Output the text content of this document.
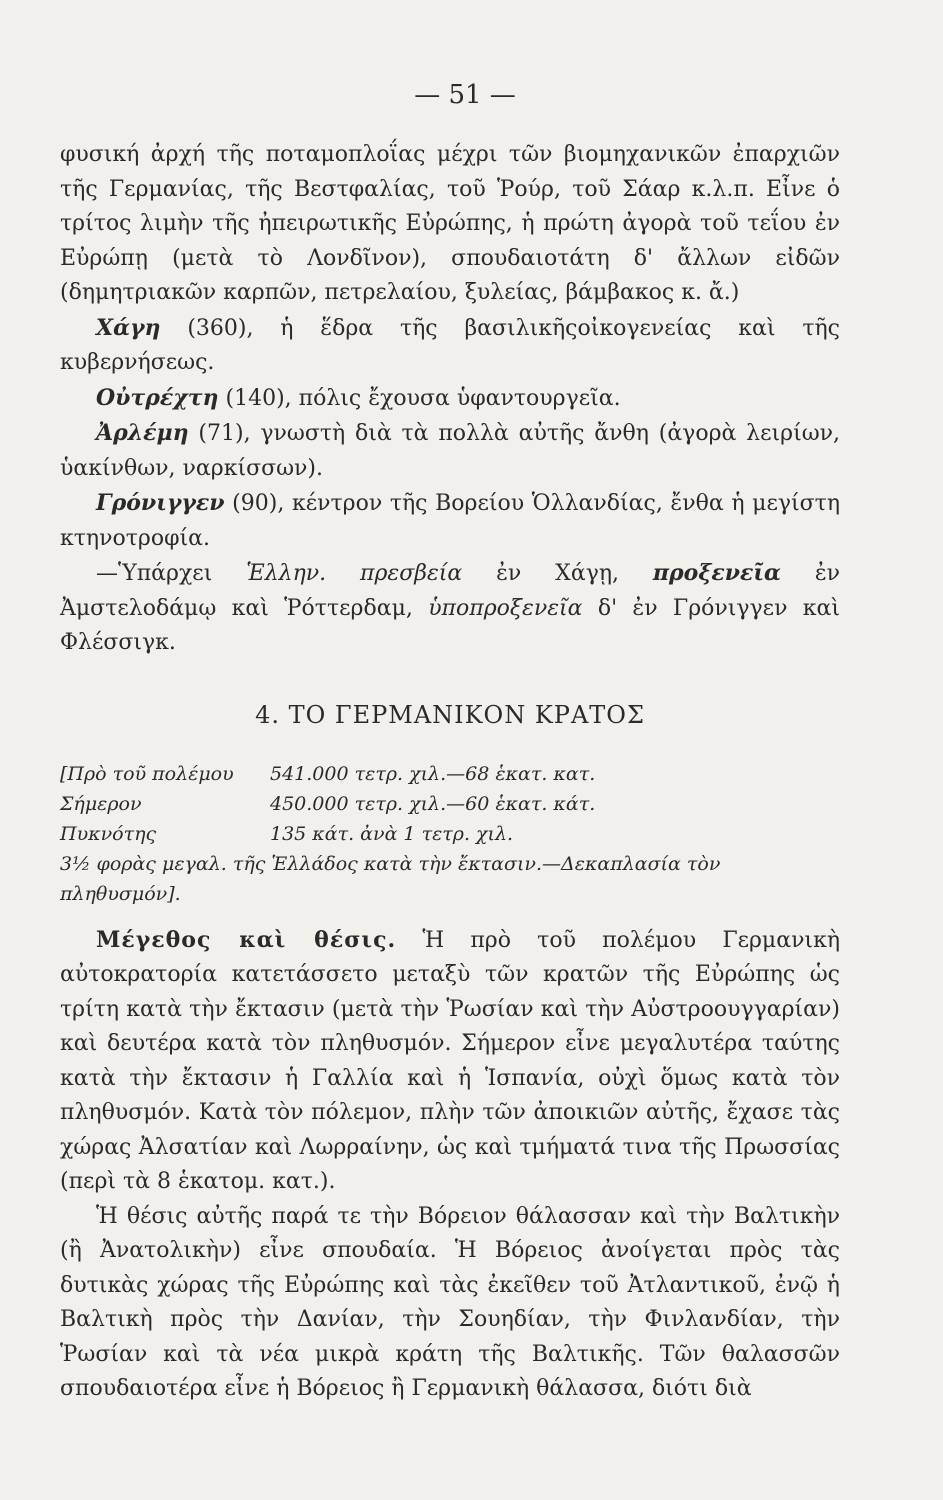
— 51 —

φυσική ἀρχή τῆς ποταμοπλοΐας μέχρι τῶν βιομηχανικῶν ἐπαρχιῶν τῆς Γερμανίας, τῆς Βεστφαλίας, τοῦ Ῥούρ, τοῦ Σάαρ κ.λ.π. Εἶνε ὁ τρίτος λιμὴν τῆς ἠπειρωτικῆς Εὐρώπης, ἡ πρώτη ἀγορὰ τοῦ τεΐου ἐν Εὐρώπῃ (μετὰ τὸ Λονδῖνον), σπουδαιοτάτη δ' ἄλλων εἰδῶν (δημητριακῶν καρπῶν, πετρελαίου, ξυλείας, βάμβακος κ. ἄ.)

Χάγη (360), ἡ ἕδρα τῆς βασιλικῆςοἰκογενείας καὶ τῆς κυβερνήσεως.

Οὐτρέχτη (140), πόλις ἔχουσα ὑφαντουργεῖα.

Ἀρλέμη (71), γνωστὴ διὰ τὰ πολλὰ αὐτῆς ἄνθη (ἀγορὰ λειρίων, ὑακίνθων, ναρκίσσων).

Γρόνιγγεν (90), κέντρον τῆς Βορείου Ὁλλανδίας, ἔνθα ἡ μεγίστη κτηνοτροφία.

—Ὑπάρχει Ἑλλην. πρεσβεία ἐν Χάγῃ, προξενεῖα ἐν Ἀμστελοδάμῳ καὶ Ῥόττερδαμ, ὑποπροξενεῖα δ' ἐν Γρόνιγγεν καὶ Φλέσσιγκ.

4. ΤΟ ΓΕΡΜΑΝΙΚΟΝ ΚΡΑΤΟΣ
[Πρὸ τοῦ πολέμου	541.000 τετρ. χιλ.—68 ἑκατ. κατ.
Σήμερον	450.000 τετρ. χιλ.—60 ἑκατ. κάτ.
Πυκνότης	135 κάτ. ἀνὰ 1 τετρ. χιλ.
3½ φορὰς μεγαλ. τῆς Ἑλλάδος κατὰ τὴν ἔκτασιν.—Δεκαπλασία τὸν πληθυσμόν].

Μέγεθος καὶ θέσις. Ἡ πρὸ τοῦ πολέμου Γερμανικὴ αὐτοκρατορία κατετάσσετο μεταξὺ τῶν κρατῶν τῆς Εὐρώπης ὡς τρίτη κατὰ τὴν ἔκτασιν (μετὰ τὴν Ῥωσίαν καὶ τὴν Αὐστροουγγαρίαν) καὶ δευτέρα κατὰ τὸν πληθυσμόν. Σήμερον εἶνε μεγαλυτέρα ταύτης κατὰ τὴν ἔκτασιν ἡ Γαλλία καὶ ἡ Ἱσπανία, οὐχὶ ὅμως κατὰ τὸν πληθυσμόν. Κατὰ τὸν πόλεμον, πλὴν τῶν ἀποικιῶν αὐτῆς, ἔχασε τὰς χώρας Ἀλσατίαν καὶ Λωρραίνην, ὡς καὶ τμήματά τινα τῆς Πρωσσίας (περὶ τὰ 8 ἑκατομ. κατ.).

Ἡ θέσις αὐτῆς παρά τε τὴν Βόρειον θάλασσαν καὶ τὴν Βαλτικὴν (ἢ Ἀνατολικὴν) εἶνε σπουδαία. Ἡ Βόρειος ἀνοίγεται πρὸς τὰς δυτικὰς χώρας τῆς Εὐρώπης καὶ τὰς ἐκεῖθεν τοῦ Ἀτλαντικοῦ, ἐνῷ ἡ Βαλτικὴ πρὸς τὴν Δανίαν, τὴν Σουηδίαν, τὴν Φινλανδίαν, τὴν Ῥωσίαν καὶ τὰ νέα μικρὰ κράτη τῆς Βαλτικῆς. Τῶν θαλασσῶν σπουδαιοτέρα εἶνε ἡ Βόρειος ἢ Γερμανικὴ θάλασσα, διότι διὰ
